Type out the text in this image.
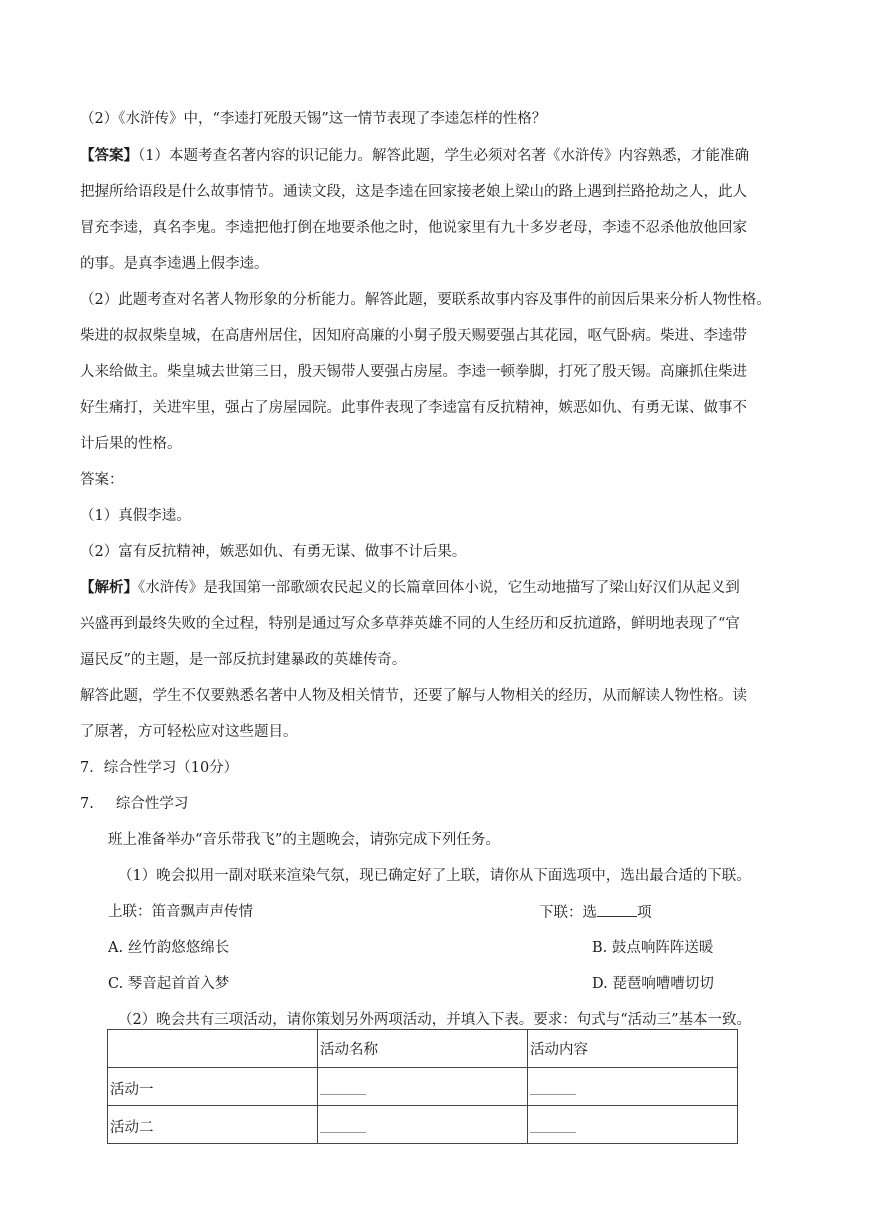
（2）《水浒传》中，“李逵打死殷天锡”这一情节表现了李逵怎样的性格？
【答案】（1）本题考查名著内容的识记能力。解答此题，学生必须对名著《水浒传》内容熟悉，才能准确
把握所给语段是什么故事情节。通读文段，这是李逵在回家接老娘上梁山的路上遇到拦路抢劫之人，此人
冒充李逵，真名李鬼。李逵把他打倒在地要杀他之时，他说家里有九十多岁老母，李逵不忍杀他放他回家
的事。是真李逵遇上假李逵。
（2）此题考查对名著人物形象的分析能力。解答此题，要联系故事内容及事件的前因后果来分析人物性格。
柴进的叔叔柴皇城，在高唐州居住，因知府高廉的小舅子殷天赐要强占其花园，呕气卧病。柴进、李逵带
人来给做主。柴皇城去世第三日，殷天锡带人要强占房屋。李逵一顿拳脚，打死了殷天锡。高廉抓住柴进
好生痛打，关进牢里，强占了房屋园院。此事件表现了李逵富有反抗精神，嫉恶如仇、有勇无谋、做事不
计后果的性格。
答案：
（1）真假李逵。
（2）富有反抗精神，嫉恶如仇、有勇无谋、做事不计后果。
【解析】《水浒传》是我国第一部歌颂农民起义的长篇章回体小说，它生动地描写了梁山好汉们从起义到
兴盛再到最终失败的全过程，特别是通过写众多草莽英雄不同的人生经历和反抗道路，鲜明地表现了“官
逼民反”的主题，是一部反抗封建暴政的英雄传奇。
解答此题，学生不仅要熟悉名著中人物及相关情节，还要了解与人物相关的经历，从而解读人物性格。读
了原著，方可轻松应对这些题目。
7．综合性学习（10分）
7. 综合性学习
班上准备举办“音乐带我飞”的主题晚会，请弥完成下列任务。
（1）晚会拟用一副对联来渲染气氛，现已确定好了上联，请你从下面选项中，选出最合适的下联。
上联：笛音飘声声传情	下联：选	项
A. 丝竹韵悠悠绵长	B. 鼓点响阵阵送暖
C. 琴音起首首入梦	D. 琵琶响嘈嘈切切
（2）晚会共有三项活动，请你策划另外两项活动，并填入下表。要求：句式与“活动三”基本一致。
	活动名称	活动内容
活动一		
活动二		
